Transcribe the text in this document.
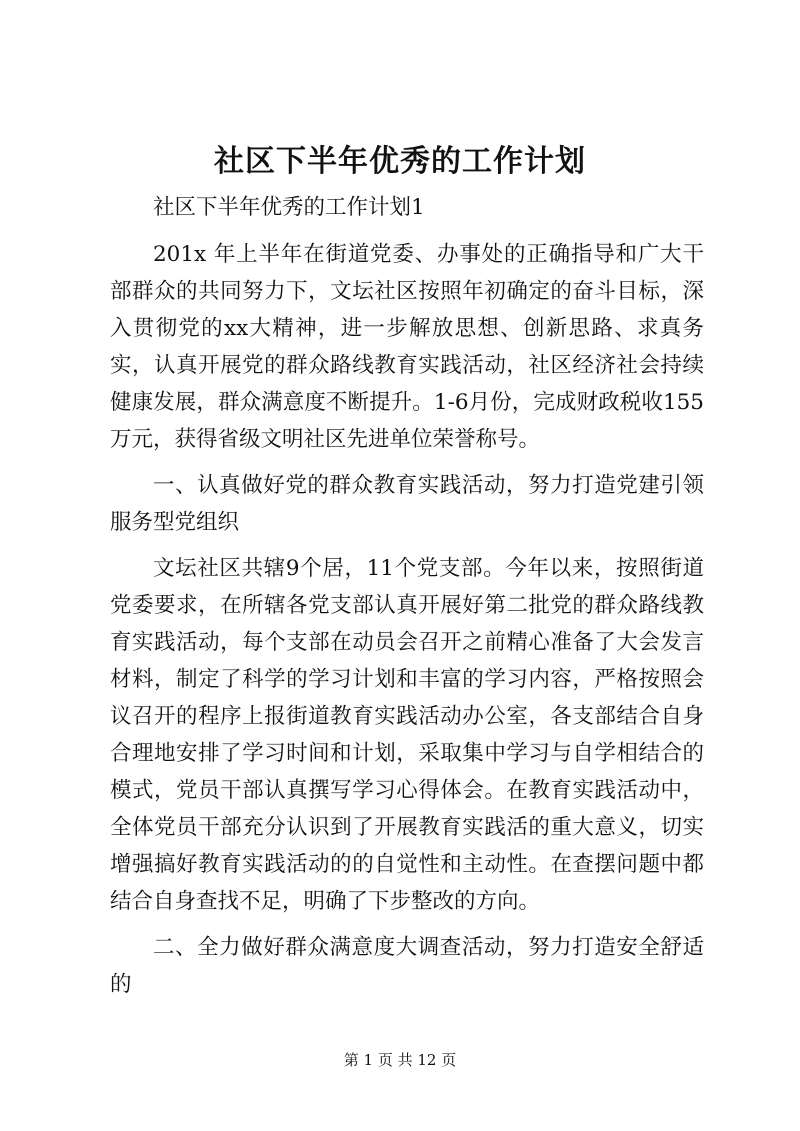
社区下半年优秀的工作计划

社区下半年优秀的工作计划1

201x 年上半年在街道党委、办事处的正确指导和广大干部群众的共同努力下，文坛社区按照年初确定的奋斗目标，深入贯彻党的xx大精神，进一步解放思想、创新思路、求真务实，认真开展党的群众路线教育实践活动，社区经济社会持续健康发展，群众满意度不断提升。1-6月份，完成财政税收155万元，获得省级文明社区先进单位荣誉称号。

一、认真做好党的群众教育实践活动，努力打造党建引领服务型党组织

文坛社区共辖9个居，11个党支部。今年以来，按照街道党委要求，在所辖各党支部认真开展好第二批党的群众路线教育实践活动，每个支部在动员会召开之前精心准备了大会发言材料，制定了科学的学习计划和丰富的学习内容，严格按照会议召开的程序上报街道教育实践活动办公室，各支部结合自身合理地安排了学习时间和计划，采取集中学习与自学相结合的模式，党员干部认真撰写学习心得体会。在教育实践活动中，全体党员干部充分认识到了开展教育实践活的重大意义，切实增强搞好教育实践活动的的自觉性和主动性。在查摆问题中都结合自身查找不足，明确了下步整改的方向。

二、全力做好群众满意度大调查活动，努力打造安全舒适的

第 1 页 共 12 页
